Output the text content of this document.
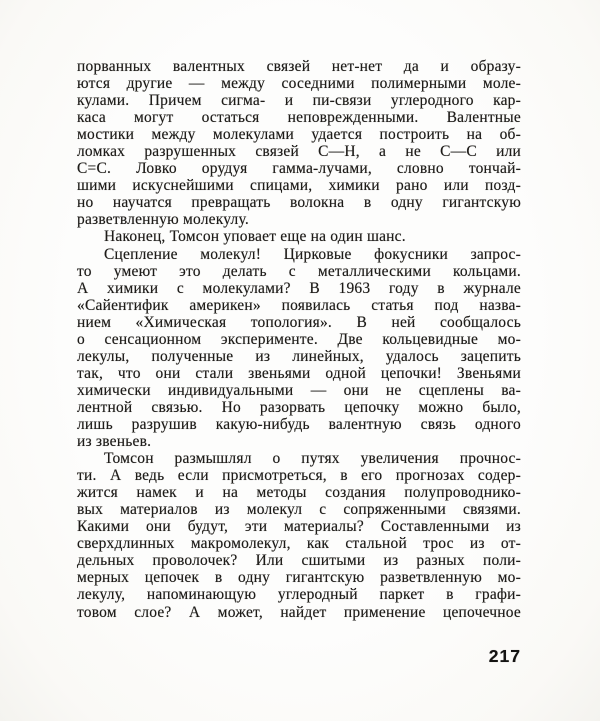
порванных валентных связей нет-нет да и образу-
ются другие — между соседними полимерными моле-
кулами. Причем сигма- и пи-связи углеродного кар-
каса могут остаться неповрежденными. Валентные
мостики между молекулами удается построить на об-
ломках разрушенных связей С—Н, а не С—С или
С=С. Ловко орудуя гамма-лучами, словно тончай-
шими искуснейшими спицами, химики рано или позд-
но научатся превращать волокна в одну гигантскую
разветвленную молекулу.
Наконец, Томсон уповает еще на один шанс.
Сцепление молекул! Цирковые фокусники запрос-
то умеют это делать с металлическими кольцами.
А химики с молекулами? В 1963 году в журнале
«Сайентифик америкен» появилась статья под назва-
нием «Химическая топология». В ней сообщалось
о сенсационном эксперименте. Две кольцевидные мо-
лекулы, полученные из линейных, удалось зацепить
так, что они стали звеньями одной цепочки! Звеньями
химически индивидуальными — они не сцеплены ва-
лентной связью. Но разорвать цепочку можно было,
лишь разрушив какую-нибудь валентную связь одного
из звеньев.
Томсон размышлял о путях увеличения прочнос-
ти. А ведь если присмотреться, в его прогнозах содер-
жится намек и на методы создания полупроводнико-
вых материалов из молекул с сопряженными связями.
Какими они будут, эти материалы? Составленными из
сверхдлинных макромолекул, как стальной трос из от-
дельных проволочек? Или сшитыми из разных поли-
мерных цепочек в одну гигантскую разветвленную мо-
лекулу, напоминающую углеродный паркет в графи-
товом слое? А может, найдет применение цепочечное
217
